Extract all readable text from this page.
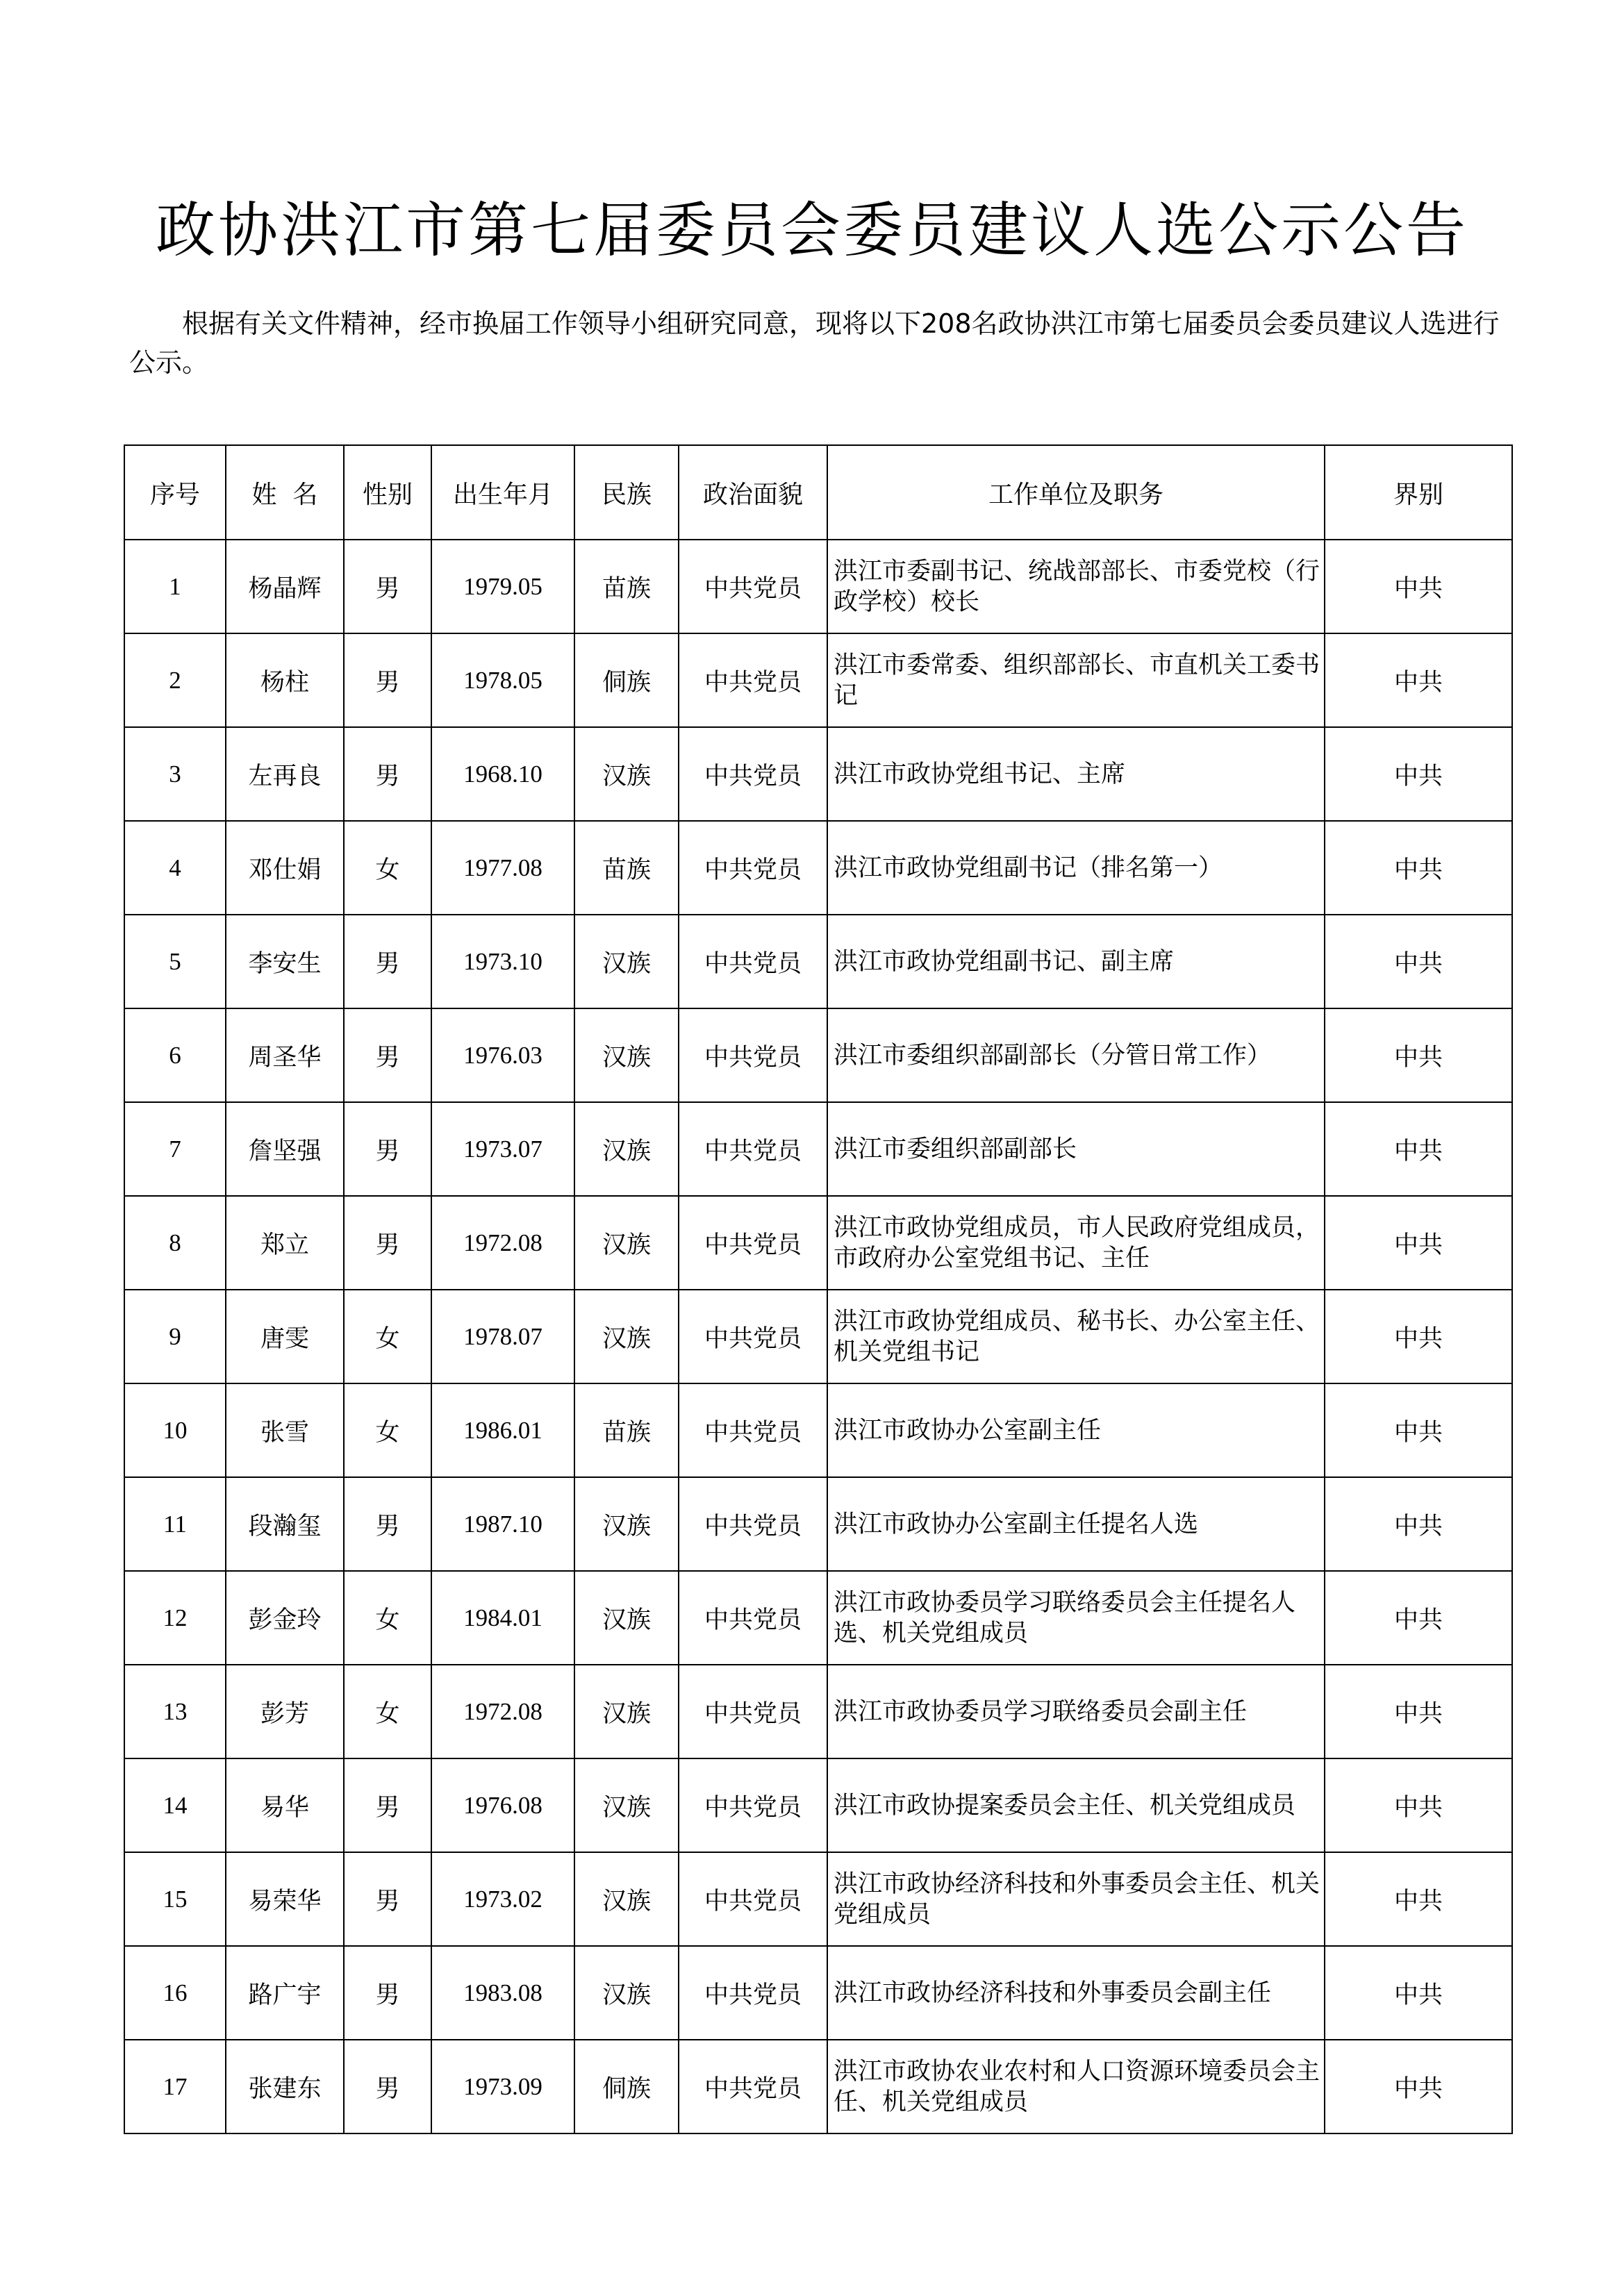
政协洪江市第七届委员会委员建议人选公示公告
根据有关文件精神，经市换届工作领导小组研究同意，现将以下208名政协洪江市第七届委员会委员建议人选进行公示。
序号	姓  名	性别	出生年月	民族	政治面貌	工作单位及职务	界别
1	杨晶辉	男	1979.05	苗族	中共党员	洪江市委副书记、统战部部长、市委党校（行政学校）校长	中共
2	杨柱	男	1978.05	侗族	中共党员	洪江市委常委、组织部部长、市直机关工委书记	中共
3	左再良	男	1968.10	汉族	中共党员	洪江市政协党组书记、主席	中共
4	邓仕娟	女	1977.08	苗族	中共党员	洪江市政协党组副书记（排名第一）	中共
5	李安生	男	1973.10	汉族	中共党员	洪江市政协党组副书记、副主席	中共
6	周圣华	男	1976.03	汉族	中共党员	洪江市委组织部副部长（分管日常工作）	中共
7	詹坚强	男	1973.07	汉族	中共党员	洪江市委组织部副部长	中共
8	郑立	男	1972.08	汉族	中共党员	洪江市政协党组成员，市人民政府党组成员，市政府办公室党组书记、主任	中共
9	唐雯	女	1978.07	汉族	中共党员	洪江市政协党组成员、秘书长、办公室主任、机关党组书记	中共
10	张雪	女	1986.01	苗族	中共党员	洪江市政协办公室副主任	中共
11	段瀚玺	男	1987.10	汉族	中共党员	洪江市政协办公室副主任提名人选	中共
12	彭金玲	女	1984.01	汉族	中共党员	洪江市政协委员学习联络委员会主任提名人选、机关党组成员	中共
13	彭芳	女	1972.08	汉族	中共党员	洪江市政协委员学习联络委员会副主任	中共
14	易华	男	1976.08	汉族	中共党员	洪江市政协提案委员会主任、机关党组成员	中共
15	易荣华	男	1973.02	汉族	中共党员	洪江市政协经济科技和外事委员会主任、机关党组成员	中共
16	路广宇	男	1983.08	汉族	中共党员	洪江市政协经济科技和外事委员会副主任	中共
17	张建东	男	1973.09	侗族	中共党员	洪江市政协农业农村和人口资源环境委员会主任、机关党组成员	中共
